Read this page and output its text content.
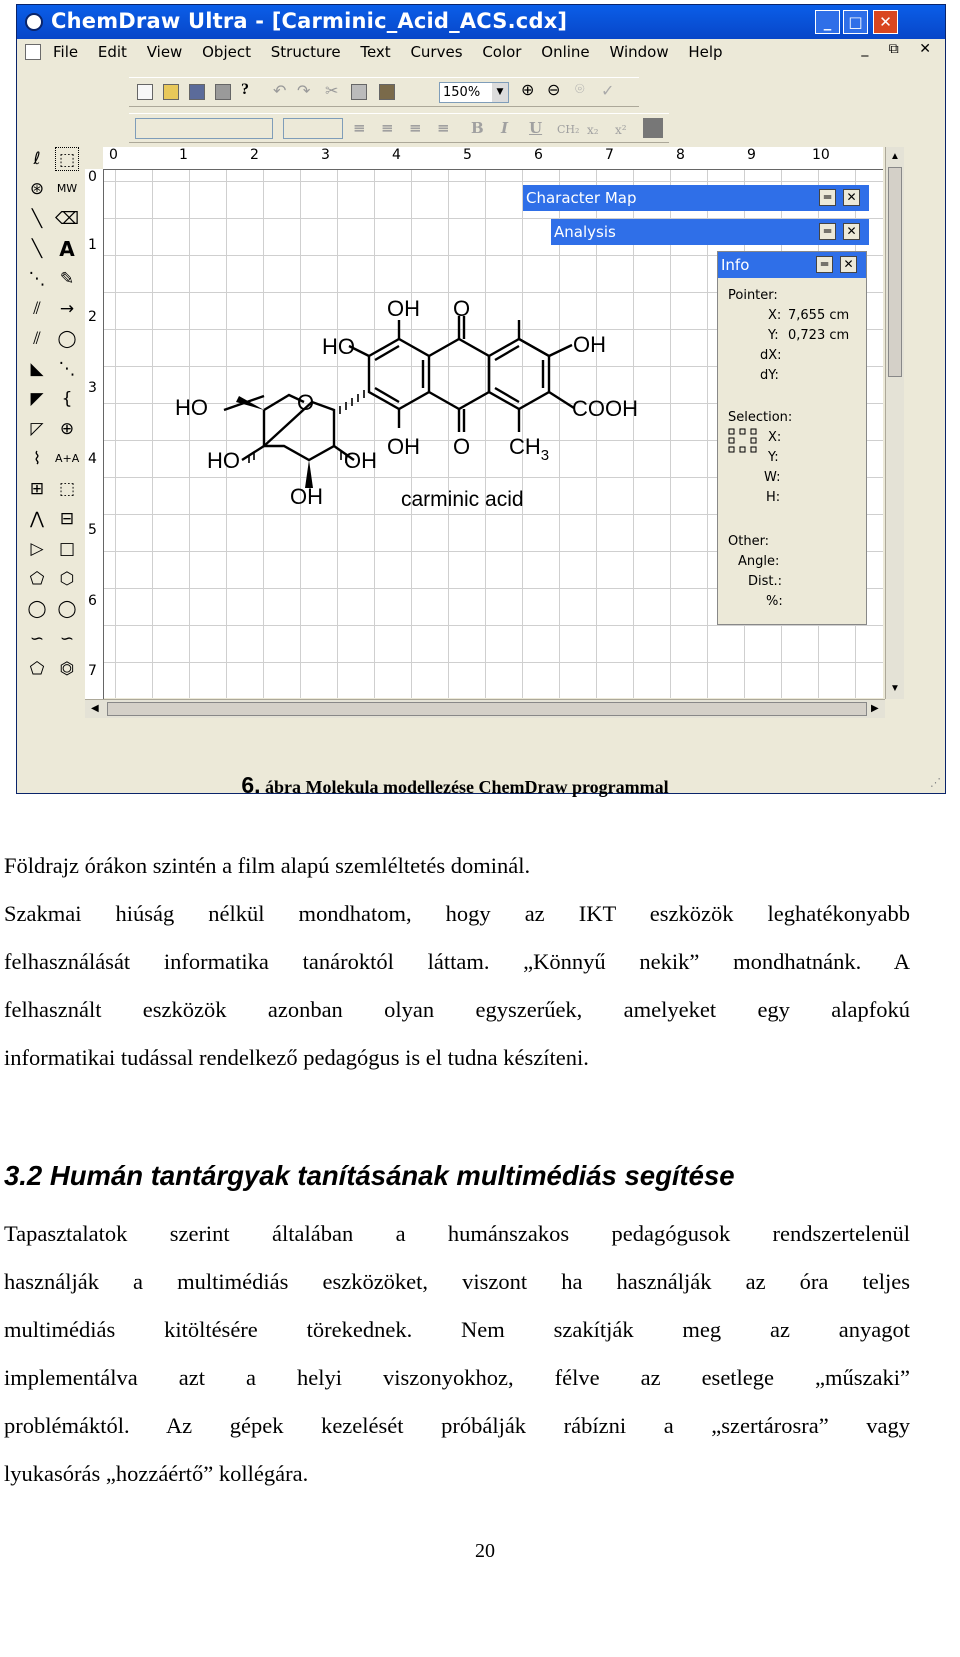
ChemDraw Ultra - [Carminic_Acid_ACS.cdx]	_	□	✕
File Edit View Object Structure Text Curves Color Online Window Help	_ ⧉ ✕
?	↶ ↷ ✂	150%	▼ ⊕ ⊖ ⌾	✓
≡ ≡ ≡ ≡ B I U CH₂ x₂ x²
ℓ	⬚
⊛	MW
╲ ⌫
╲ A
⋱ ✎
⫽	→
⫽ ◯
◣ ⋱
◤	{
◸ ⊕
⌇	A+A
⊞ ⬚
⋀ ⊟
▷ □
⬠ ⬡
◯ ◯
∽ ∽
⬠ ⏣
0	1	2	3	4	5	6	7	8	9	10
0
1
2
3
4
5
6
7
OH O
HO	OH
HO	O	COOH
OH O $CH_3$
HO	OH
OH	carminic acid
▲
▼
◀	▶
Character Map	═	✕
Analysis	═	✕
Info	═	✕
Pointer:
X: 7,655 cm
Y: 0,723 cm
dX:
dY:
Selection:
X:
Y:
W:
H:
Other:
Angle:
Dist.:
%:
⋰
6. ábra Molekula modellezése ChemDraw programmal
Földrajz órákon szintén a film alapú szemléltetés dominál.
Szakmai hiúság nélkül mondhatom, hogy az IKT eszközök leghatékonyabb
felhasználását informatika tanároktól láttam. „Könnyű nekik” mondhatnánk. A
felhasznált eszközök azonban olyan egyszerűek, amelyeket egy alapfokú
informatikai tudással rendelkező pedagógus is el tudna készíteni.
3.2 Humán tantárgyak tanításának multimédiás segítése
Tapasztalatok szerint általában a humánszakos pedagógusok rendszertelenül
használják a multimédiás eszközöket, viszont ha használják az óra teljes
multimédiás kitöltésére törekednek. Nem szakítják meg az anyagot
implementálva azt a helyi viszonyokhoz, félve az esetlege „műszaki”
problémáktól. Az gépek kezelését próbálják rábízni a „szertárosra” vagy
lyukasórás „hozzáértő” kollégára.
20
